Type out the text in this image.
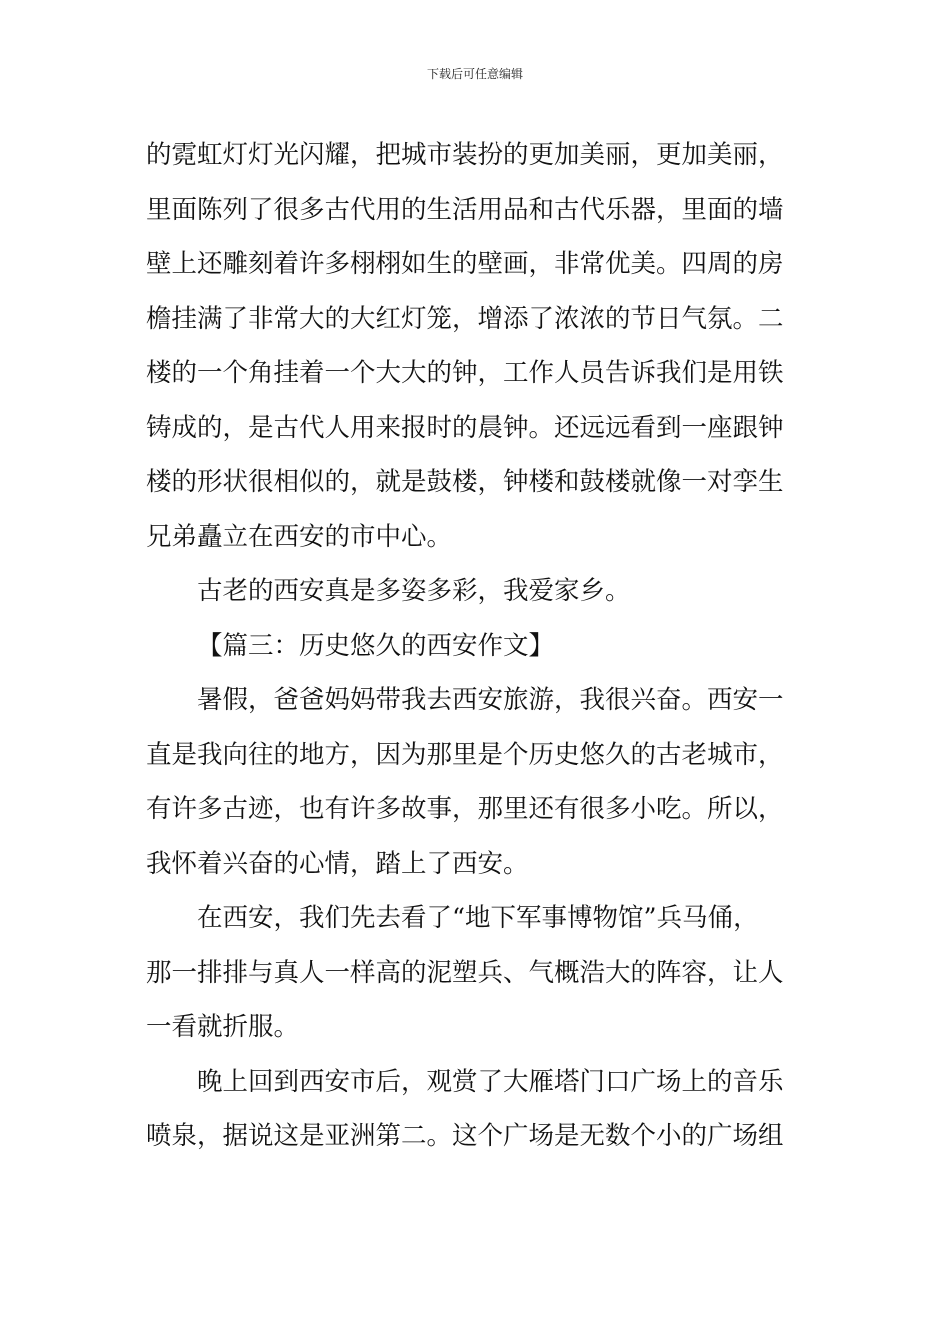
下载后可任意编辑
的霓虹灯灯光闪耀，把城市装扮的更加美丽，更加美丽，
里面陈列了很多古代用的生活用品和古代乐器，里面的墙
壁上还雕刻着许多栩栩如生的壁画，非常优美。四周的房
檐挂满了非常大的大红灯笼，增添了浓浓的节日气氛。二
楼的一个角挂着一个大大的钟，工作人员告诉我们是用铁
铸成的，是古代人用来报时的晨钟。还远远看到一座跟钟
楼的形状很相似的，就是鼓楼，钟楼和鼓楼就像一对孪生
兄弟矗立在西安的市中心。
古老的西安真是多姿多彩，我爱家乡。
【篇三：历史悠久的西安作文】
暑假，爸爸妈妈带我去西安旅游，我很兴奋。西安一
直是我向往的地方，因为那里是个历史悠久的古老城市，
有许多古迹，也有许多故事，那里还有很多小吃。所以，
我怀着兴奋的心情，踏上了西安。
在西安，我们先去看了“地下军事博物馆”兵马俑，
那一排排与真人一样高的泥塑兵、气概浩大的阵容，让人
一看就折服。
晚上回到西安市后，观赏了大雁塔门口广场上的音乐
喷泉，据说这是亚洲第二。这个广场是无数个小的广场组
